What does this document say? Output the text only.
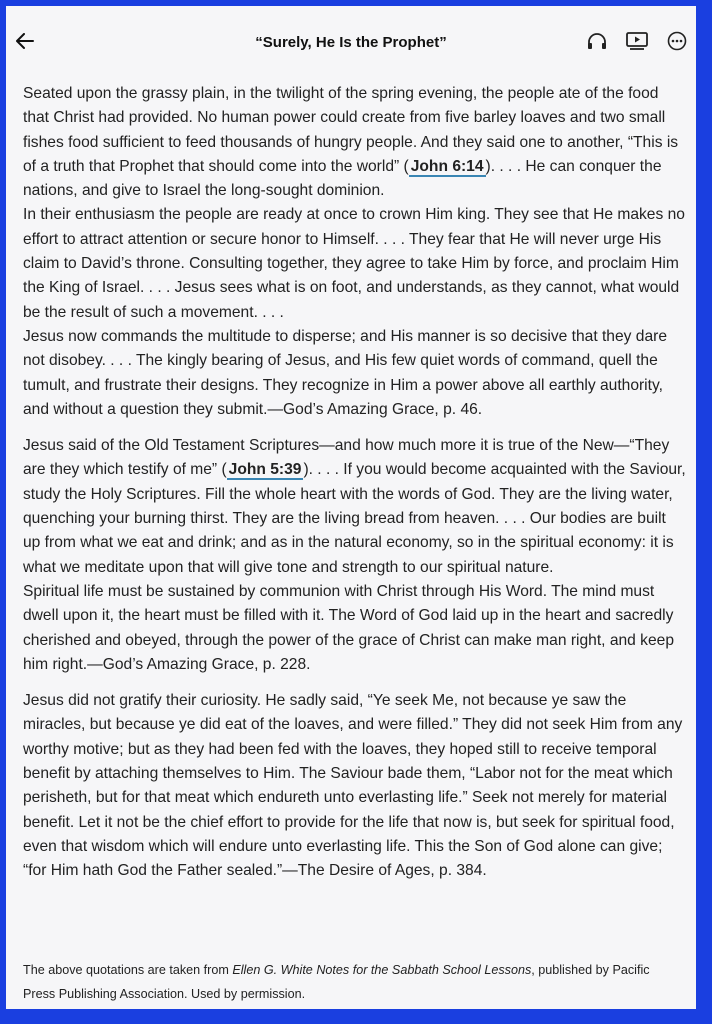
“Surely, He Is the Prophet”

Seated upon the grassy plain, in the twilight of the spring evening, the people ate of the food that Christ had provided. No human power could create from five barley loaves and two small fishes food sufficient to feed thousands of hungry people. And they said one to another, “This is of a truth that Prophet that should come into the world” ( John 6:14 ). . . . He can conquer the nations, and give to Israel the long-sought dominion.

In their enthusiasm the people are ready at once to crown Him king. They see that He makes no effort to attract attention or secure honor to Himself. . . . They fear that He will never urge His claim to David’s throne. Consulting together, they agree to take Him by force, and proclaim Him the King of Israel. . . . Jesus sees what is on foot, and understands, as they cannot, what would be the result of such a movement. . . .

Jesus now commands the multitude to disperse; and His manner is so decisive that they dare not disobey. . . . The kingly bearing of Jesus, and His few quiet words of command, quell the tumult, and frustrate their designs. They recognize in Him a power above all earthly authority, and without a question they submit.—God’s Amazing Grace, p. 46.

Jesus said of the Old Testament Scriptures—and how much more it is true of the New—“They are they which testify of me” ( John 5:39 ). . . . If you would become acquainted with the Saviour, study the Holy Scriptures. Fill the whole heart with the words of God. They are the living water, quenching your burning thirst. They are the living bread from heaven. . . . Our bodies are built up from what we eat and drink; and as in the natural economy, so in the spiritual economy: it is what we meditate upon that will give tone and strength to our spiritual nature.

Spiritual life must be sustained by communion with Christ through His Word. The mind must dwell upon it, the heart must be filled with it. The Word of God laid up in the heart and sacredly cherished and obeyed, through the power of the grace of Christ can make man right, and keep him right.—God’s Amazing Grace, p. 228.

Jesus did not gratify their curiosity. He sadly said, “Ye seek Me, not because ye saw the miracles, but because ye did eat of the loaves, and were filled.” They did not seek Him from any worthy motive; but as they had been fed with the loaves, they hoped still to receive temporal benefit by attaching themselves to Him. The Saviour bade them, “Labor not for the meat which perisheth, but for that meat which endureth unto everlasting life.” Seek not merely for material benefit. Let it not be the chief effort to provide for the life that now is, but seek for spiritual food, even that wisdom which will endure unto everlasting life. This the Son of God alone can give; “for Him hath God the Father sealed.”—The Desire of Ages, p. 384.

The above quotations are taken from Ellen G. White Notes for the Sabbath School Lessons, published by Pacific Press Publishing Association. Used by permission.
